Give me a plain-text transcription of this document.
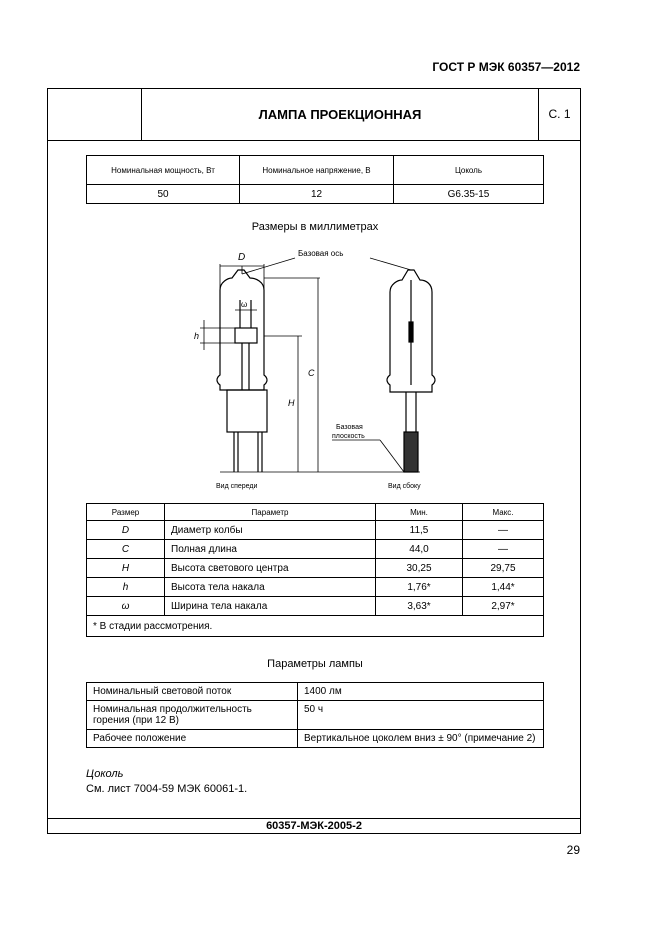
ГОСТ Р МЭК 60357—2012
ЛАМПА ПРОЕКЦИОННАЯ	С. 1
Номинальная мощность, Вт	Номинальное напряжение, В	Цоколь
50	12	G6.35-15
Размеры в миллиметрах
D	Базовая ось
ω
h
C
H
Базовая
плоскость
Вид спереди	Вид сбоку
Размер	Параметр	Мин.	Макс.
D	Диаметр колбы	11,5	—
C	Полная длина	44,0	—
H	Высота светового центра	30,25	29,75
h	Высота тела накала	1,76*	1,44*
ω	Ширина тела накала	3,63*	2,97*
* В стадии рассмотрения.			
Параметры лампы
Номинальный световой поток	1400 лм
Номинальная продолжительность горения (при 12 В)	50 ч
Рабочее положение	Вертикальное цоколем вниз ± 90° (примечание 2)
Цоколь
См. лист 7004-59 МЭК 60061-1.
60357-МЭК-2005-2
29
